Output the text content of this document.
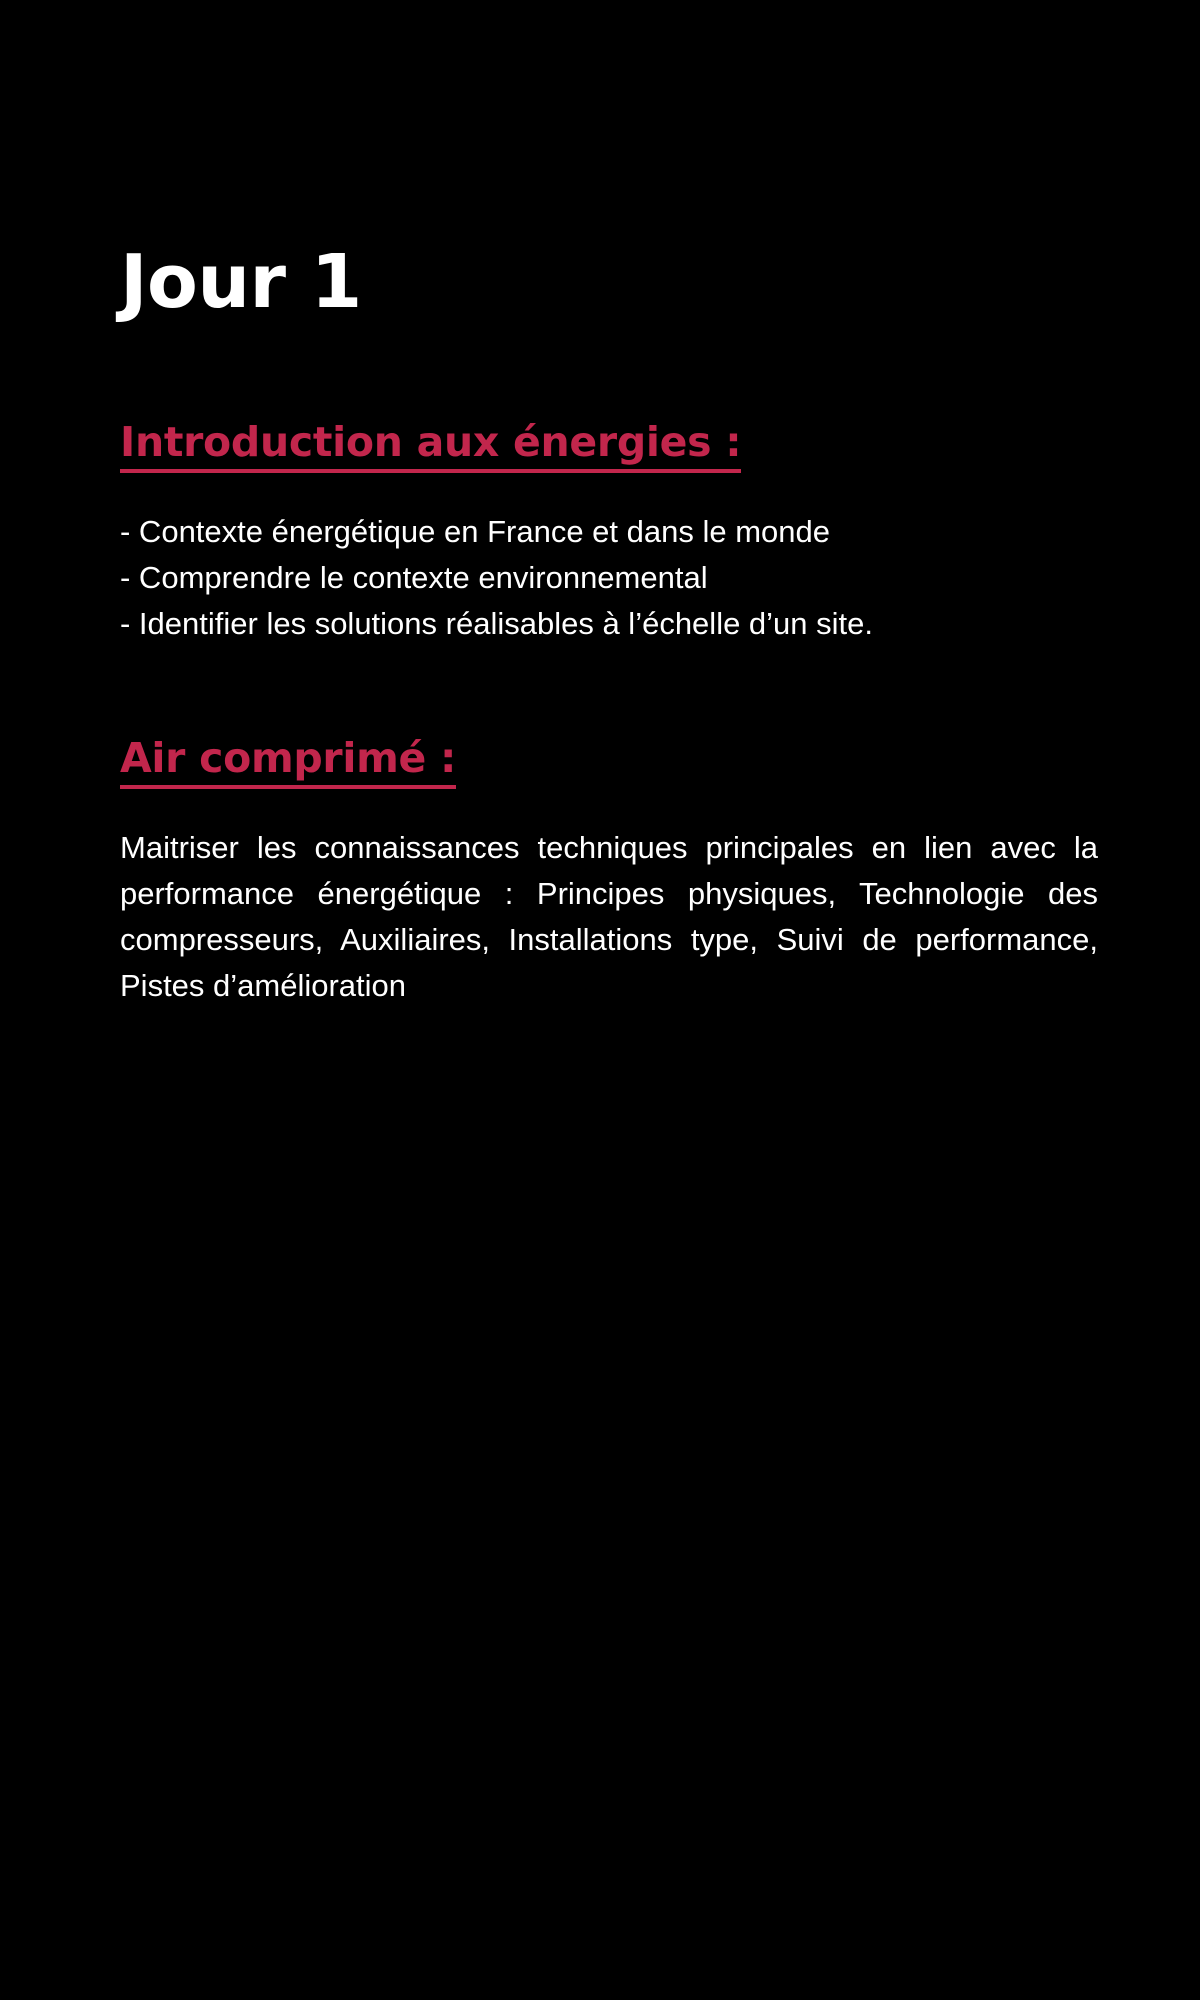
Jour 1
Introduction aux énergies :
- Contexte énergétique en France et dans le monde
- Comprendre le contexte environnemental
- Identifier les solutions réalisables à l’échelle d’un site.
Air comprimé :

Maitriser les connaissances techniques principales en lien avec la performance énergétique : Principes physiques, Technologie des compresseurs, Auxiliaires, Installations type, Suivi de performance, Pistes d’amélioration
